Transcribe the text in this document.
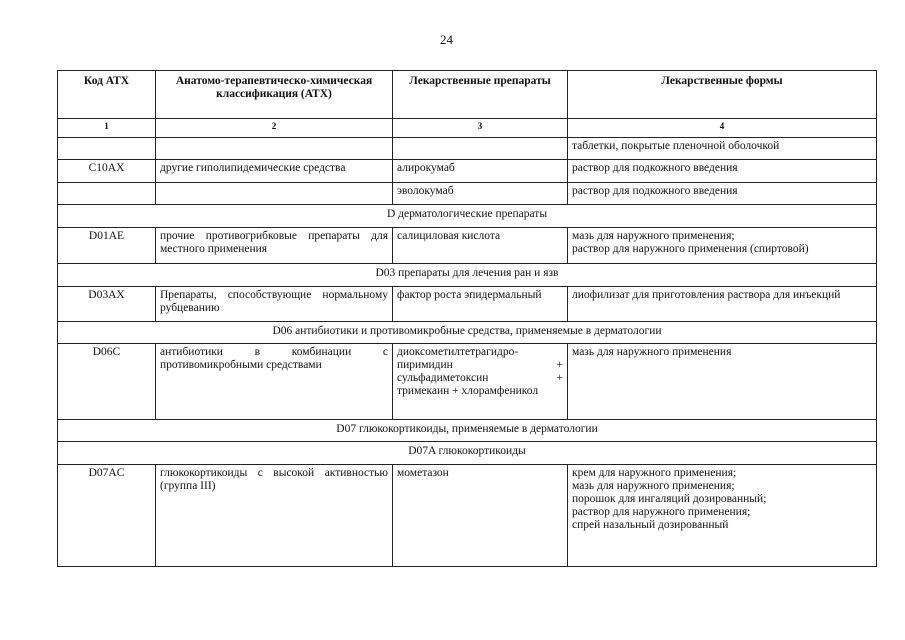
24
Код АТХ	Анатомо-терапевтическо-химическая классификация (АТХ)	Лекарственные препараты	Лекарственные формы
1	2	3	4
			таблетки, покрытые пленочной оболочкой
C10AX	другие гиполипидемические средства	алирокумаб	раствор для подкожного введения
		эволокумаб	раствор для подкожного введения
D дерматологические препараты			
D01AE	прочие противогрибковые препараты для местного применения	салициловая кислота	мазь для наружного применения;
раствор для наружного применения (спиртовой)

D03 препараты для лечения ран и язв			
D03AX	Препараты, способствующие нормальному рубцеванию	фактор роста эпидермальный	лиофилизат для приготовления раствора для инъекций
D06 антибиотики и противомикробные средства, применяемые в дерматологии			
D06C	антибиотики в комбинации с противомикробными средствами	диоксометилтетрагидро-
пиримидин +
сульфадиметоксин +
тримекаин + хлорамфеникол	мазь для наружного применения
D07 глюкокортикоиды, применяемые в дерматологии			
D07A глюкокортикоиды			
D07AC	глюкокортикоиды с высокой активностью (группа III)	мометазон	крем для наружного применения;
мазь для наружного применения;
порошок для ингаляций дозированный;
раствор для наружного применения;
спрей назальный дозированный
